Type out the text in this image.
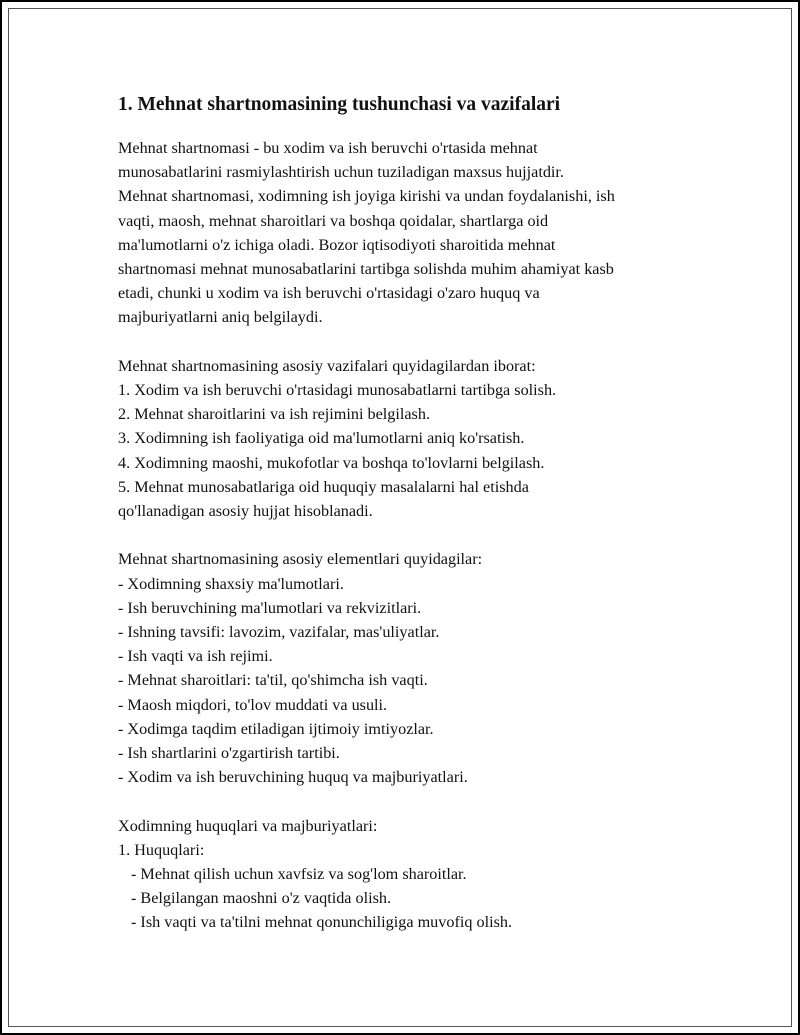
1. Mehnat shartnomasining tushunchasi va vazifalari
Mehnat shartnomasi - bu xodim va ish beruvchi o'rtasida mehnat
munosabatlarini rasmiylashtirish uchun tuziladigan maxsus hujjatdir.
Mehnat shartnomasi, xodimning ish joyiga kirishi va undan foydalanishi, ish
vaqti, maosh, mehnat sharoitlari va boshqa qoidalar, shartlarga oid
ma'lumotlarni o'z ichiga oladi. Bozor iqtisodiyoti sharoitida mehnat
shartnomasi mehnat munosabatlarini tartibga solishda muhim ahamiyat kasb
etadi, chunki u xodim va ish beruvchi o'rtasidagi o'zaro huquq va
majburiyatlarni aniq belgilaydi.
Mehnat shartnomasining asosiy vazifalari quyidagilardan iborat:
1. Xodim va ish beruvchi o'rtasidagi munosabatlarni tartibga solish.
2. Mehnat sharoitlarini va ish rejimini belgilash.
3. Xodimning ish faoliyatiga oid ma'lumotlarni aniq ko'rsatish.
4. Xodimning maoshi, mukofotlar va boshqa to'lovlarni belgilash.
5. Mehnat munosabatlariga oid huquqiy masalalarni hal etishda
qo'llanadigan asosiy hujjat hisoblanadi.
Mehnat shartnomasining asosiy elementlari quyidagilar:
- Xodimning shaxsiy ma'lumotlari.
- Ish beruvchining ma'lumotlari va rekvizitlari.
- Ishning tavsifi: lavozim, vazifalar, mas'uliyatlar.
- Ish vaqti va ish rejimi.
- Mehnat sharoitlari: ta'til, qo'shimcha ish vaqti.
- Maosh miqdori, to'lov muddati va usuli.
- Xodimga taqdim etiladigan ijtimoiy imtiyozlar.
- Ish shartlarini o'zgartirish tartibi.
- Xodim va ish beruvchining huquq va majburiyatlari.
Xodimning huquqlari va majburiyatlari:
1. Huquqlari:
- Mehnat qilish uchun xavfsiz va sog'lom sharoitlar.
- Belgilangan maoshni o'z vaqtida olish.
- Ish vaqti va ta'tilni mehnat qonunchiligiga muvofiq olish.
